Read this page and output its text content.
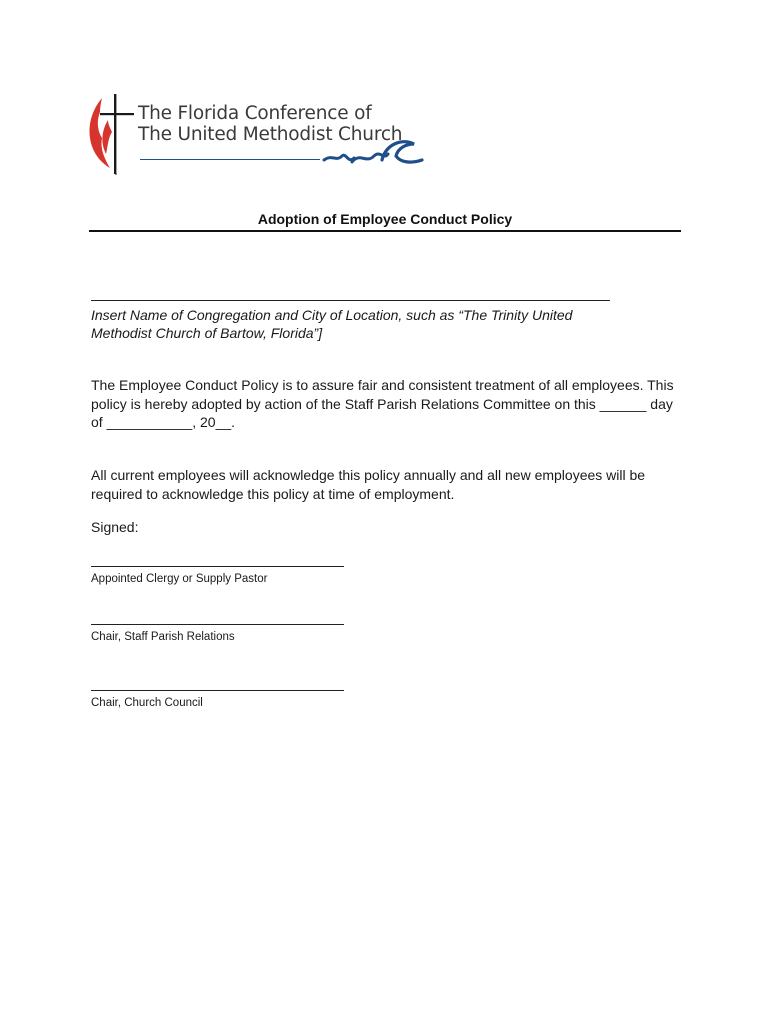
The Florida Conference of
The United Methodist Church
Adoption of Employee Conduct Policy
Insert Name of Congregation and City of Location, such as “The Trinity United Methodist Church of Bartow, Florida”]
The Employee Conduct Policy is to assure fair and consistent treatment of all employees. This policy is hereby adopted by action of the Staff Parish Relations Committee on this ______ day of ___________, 20__.
All current employees will acknowledge this policy annually and all new employees will be required to acknowledge this policy at time of employment.
Signed:
Appointed Clergy or Supply Pastor
Chair, Staff Parish Relations
Chair, Church Council
